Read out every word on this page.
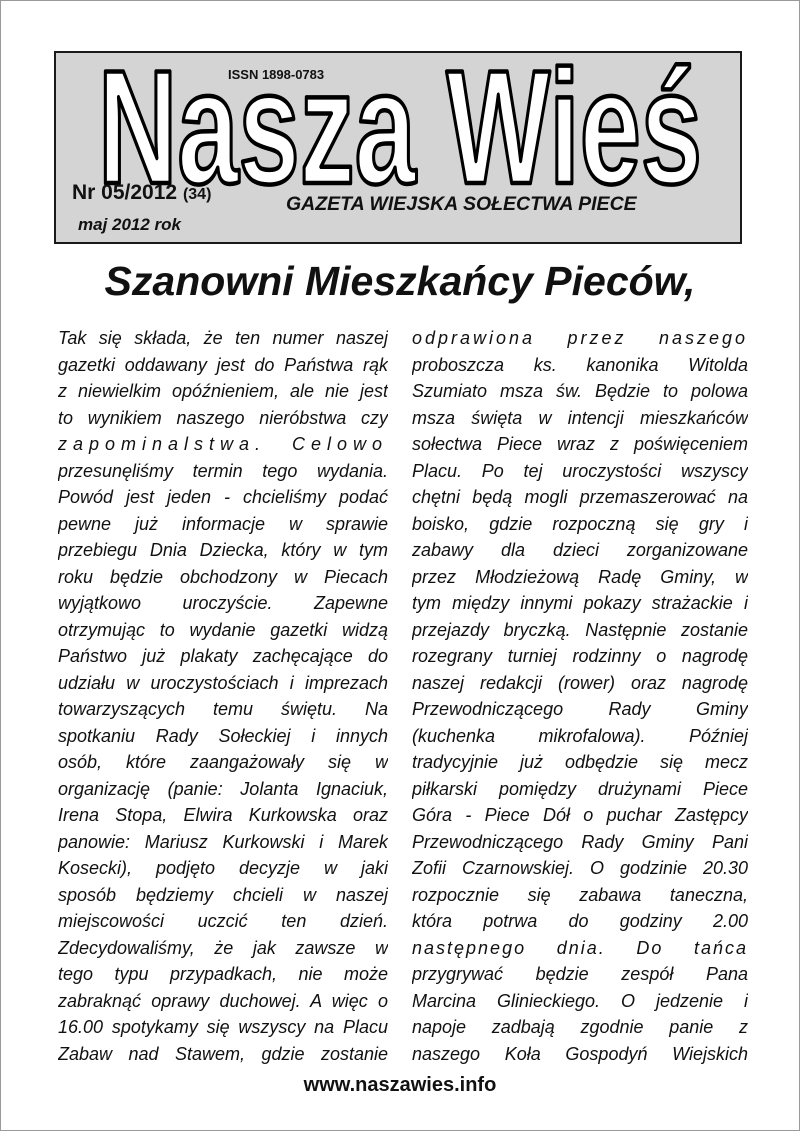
Nasza Wieś
ISSN 1898-0783
Nr 05/2012 (34)
maj 2012 rok
GAZETA WIEJSKA SOŁECTWA PIECE
Szanowni Mieszkańcy Pieców,
Tak się składa, że ten numer naszej
gazetki oddawany jest do Państwa rąk
z niewielkim opóźnieniem, ale nie jest
to wynikiem naszego nieróbstwa czy
zapominalstwa. Celowo
przesunęliśmy termin tego wydania.
Powód jest jeden - chcieliśmy podać
pewne już informacje w sprawie
przebiegu Dnia Dziecka, który w tym
roku będzie obchodzony w Piecach
wyjątkowo uroczyście. Zapewne
otrzymując to wydanie gazetki widzą
Państwo już plakaty zachęcające do
udziału w uroczystościach i imprezach
towarzyszących temu świętu. Na
spotkaniu Rady Sołeckiej i innych
osób, które zaangażowały się w
organizację (panie: Jolanta Ignaciuk,
Irena Stopa, Elwira Kurkowska oraz
panowie: Mariusz Kurkowski i Marek
Kosecki), podjęto decyzje w jaki
sposób będziemy chcieli w naszej
miejscowości uczcić ten dzień.
Zdecydowaliśmy, że jak zawsze w
tego typu przypadkach, nie może
zabraknąć oprawy duchowej. A więc o
16.00 spotykamy się wszyscy na Placu
Zabaw nad Stawem, gdzie zostanie
odprawiona przez naszego
proboszcza ks. kanonika Witolda
Szumiato msza św. Będzie to polowa
msza święta w intencji mieszkańców
sołectwa Piece wraz z poświęceniem
Placu. Po tej uroczystości wszyscy
chętni będą mogli przemaszerować na
boisko, gdzie rozpoczną się gry i
zabawy dla dzieci zorganizowane
przez Młodzieżową Radę Gminy, w
tym między innymi pokazy strażackie i
przejazdy bryczką. Następnie zostanie
rozegrany turniej rodzinny o nagrodę
naszej redakcji (rower) oraz nagrodę
Przewodniczącego Rady Gminy
(kuchenka mikrofalowa). Później
tradycyjnie już odbędzie się mecz
piłkarski pomiędzy drużynami Piece
Góra - Piece Dół o puchar Zastępcy
Przewodniczącego Rady Gminy Pani
Zofii Czarnowskiej. O godzinie 20.30
rozpocznie się zabawa taneczna,
która potrwa do godziny 2.00
następnego dnia. Do tańca
przygrywać będzie zespół Pana
Marcina Glinieckiego. O jedzenie i
napoje zadbają zgodnie panie z
naszego Koła Gospodyń Wiejskich
www.naszawies.info
